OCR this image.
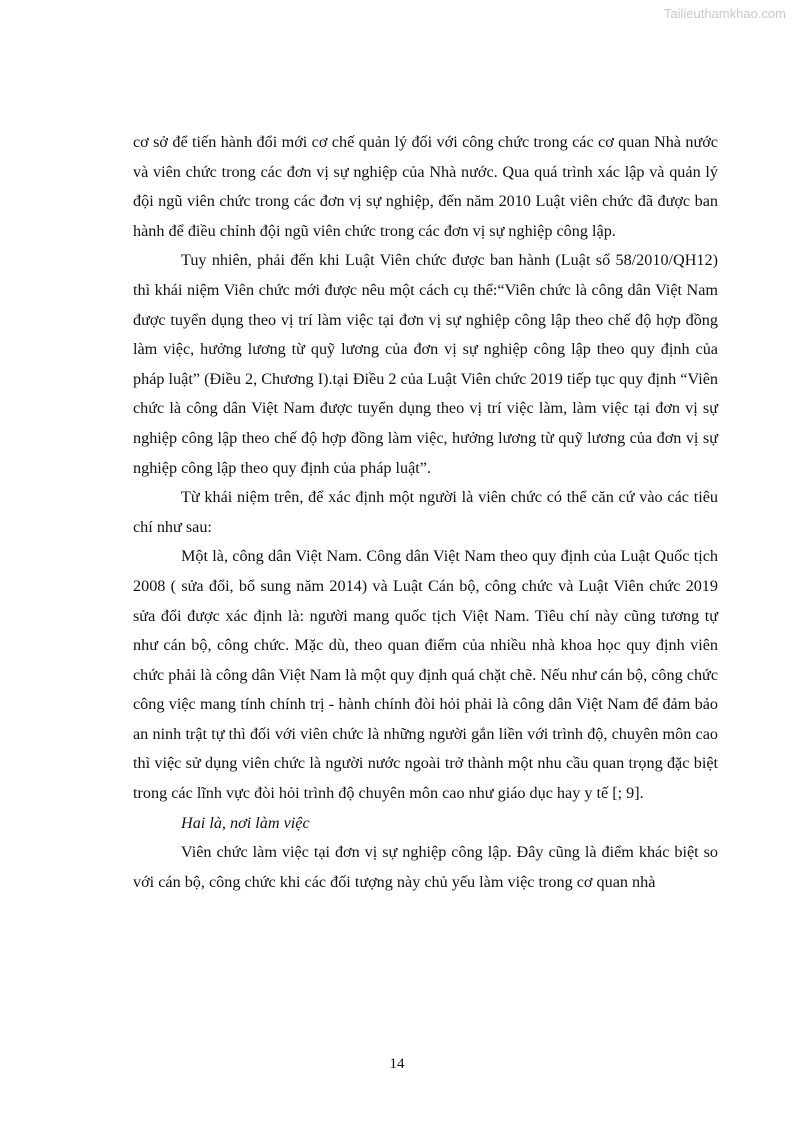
Tailieuthamkhao.com

cơ sở để tiến hành đổi mới cơ chế quản lý đối với công chức trong các cơ quan Nhà nước và viên chức trong các đơn vị sự nghiệp của Nhà nước. Qua quá trình xác lập và quản lý đội ngũ viên chức trong các đơn vị sự nghiệp, đến năm 2010 Luật viên chức đã được ban hành để điều chỉnh đội ngũ viên chức trong các đơn vị sự nghiệp công lập.

Tuy nhiên, phải đến khi Luật Viên chức được ban hành (Luật số 58/2010/QH12) thì khái niệm Viên chức mới được nêu một cách cụ thể:“Viên chức là công dân Việt Nam được tuyển dụng theo vị trí làm việc tại đơn vị sự nghiệp công lập theo chế độ hợp đồng làm việc, hưởng lương từ quỹ lương của đơn vị sự nghiệp công lập theo quy định của pháp luật” (Điều 2, Chương I).tại Điều 2 của Luật Viên chức 2019 tiếp tục quy định “Viên chức là công dân Việt Nam được tuyển dụng theo vị trí việc làm, làm việc tại đơn vị sự nghiệp công lập theo chế độ hợp đồng làm việc, hưởng lương từ quỹ lương của đơn vị sự nghiệp công lập theo quy định của pháp luật”.

Từ khái niệm trên, để xác định một người là viên chức có thể căn cứ vào các tiêu chí như sau:

Một là, công dân Việt Nam. Công dân Việt Nam theo quy định của Luật Quốc tịch 2008 ( sửa đổi, bổ sung năm 2014) và Luật Cán bộ, công chức và Luật Viên chức 2019 sửa đổi được xác định là: người mang quốc tịch Việt Nam. Tiêu chí này cũng tương tự như cán bộ, công chức. Mặc dù, theo quan điểm của nhiều nhà khoa học quy định viên chức phải là công dân Việt Nam là một quy định quá chặt chẽ. Nếu như cán bộ, công chức công việc mang tính chính trị - hành chính đòi hỏi phải là công dân Việt Nam để đảm bảo an ninh trật tự thì đối với viên chức là những người gắn liền với trình độ, chuyên môn cao thì việc sử dụng viên chức là người nước ngoài trở thành một nhu cầu quan trọng đặc biệt trong các lĩnh vực đòi hỏi trình độ chuyên môn cao như giáo dục hay y tế [; 9].

Hai là, nơi làm việc

Viên chức làm việc tại đơn vị sự nghiệp công lập. Đây cũng là điểm khác biệt so với cán bộ, công chức khi các đối tượng này chủ yếu làm việc trong cơ quan nhà

14
